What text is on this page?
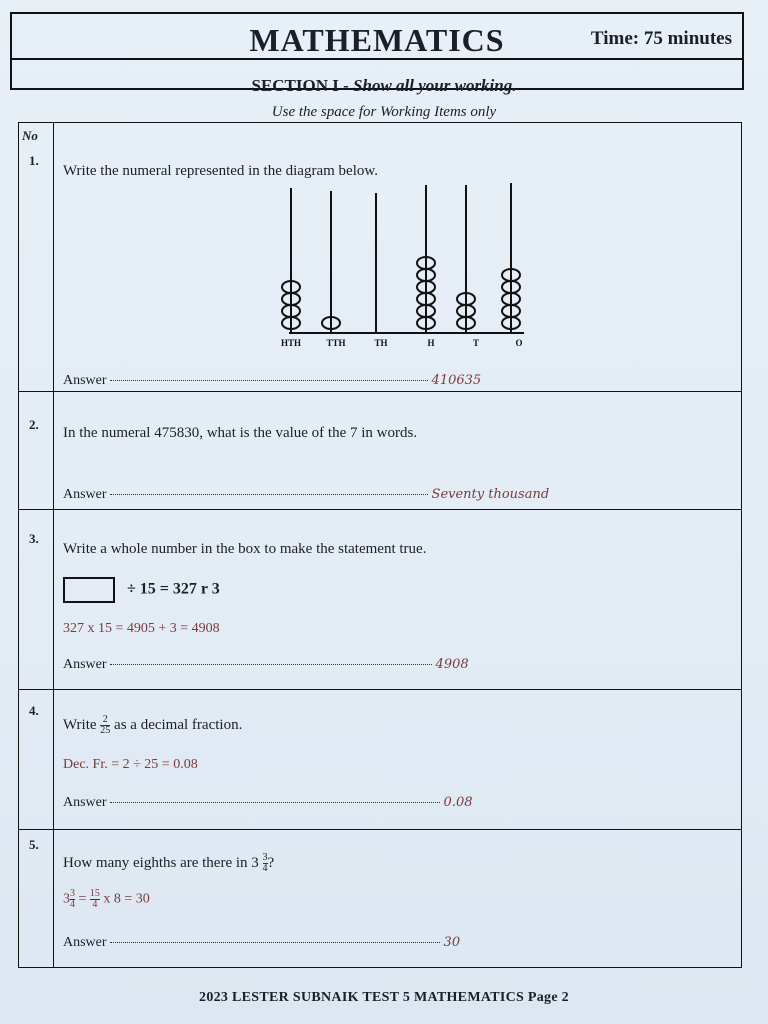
MATHEMATICS	Time: 75 minutes
SECTION I - Show all your working.
Use the space for Working Items only
1.
Write the numeral represented in the diagram below.
HTH	TTH	TH	H	T	O
Answer	410635
2.
In the numeral 475830, what is the value of the 7 in words.
Answer	Seventy thousand
3.
Write a whole number in the box to make the statement true.
÷ 15 = 327 r 3
327 x 15 = 4905 + 3 = 4908
Answer	4908
4.
Write $\frac{2}{25}$ as a decimal fraction.
Dec. Fr. = 2 ÷ 25 = 0.08
Answer	0.08
5.
How many eighths are there in $3 \frac{3}{4}$ ?
$3 \frac{3}{4} = \frac{15}{4}$ x 8 = 30
Answer	30
No
2023 LESTER SUBNAIK TEST 5 MATHEMATICS Page 2
